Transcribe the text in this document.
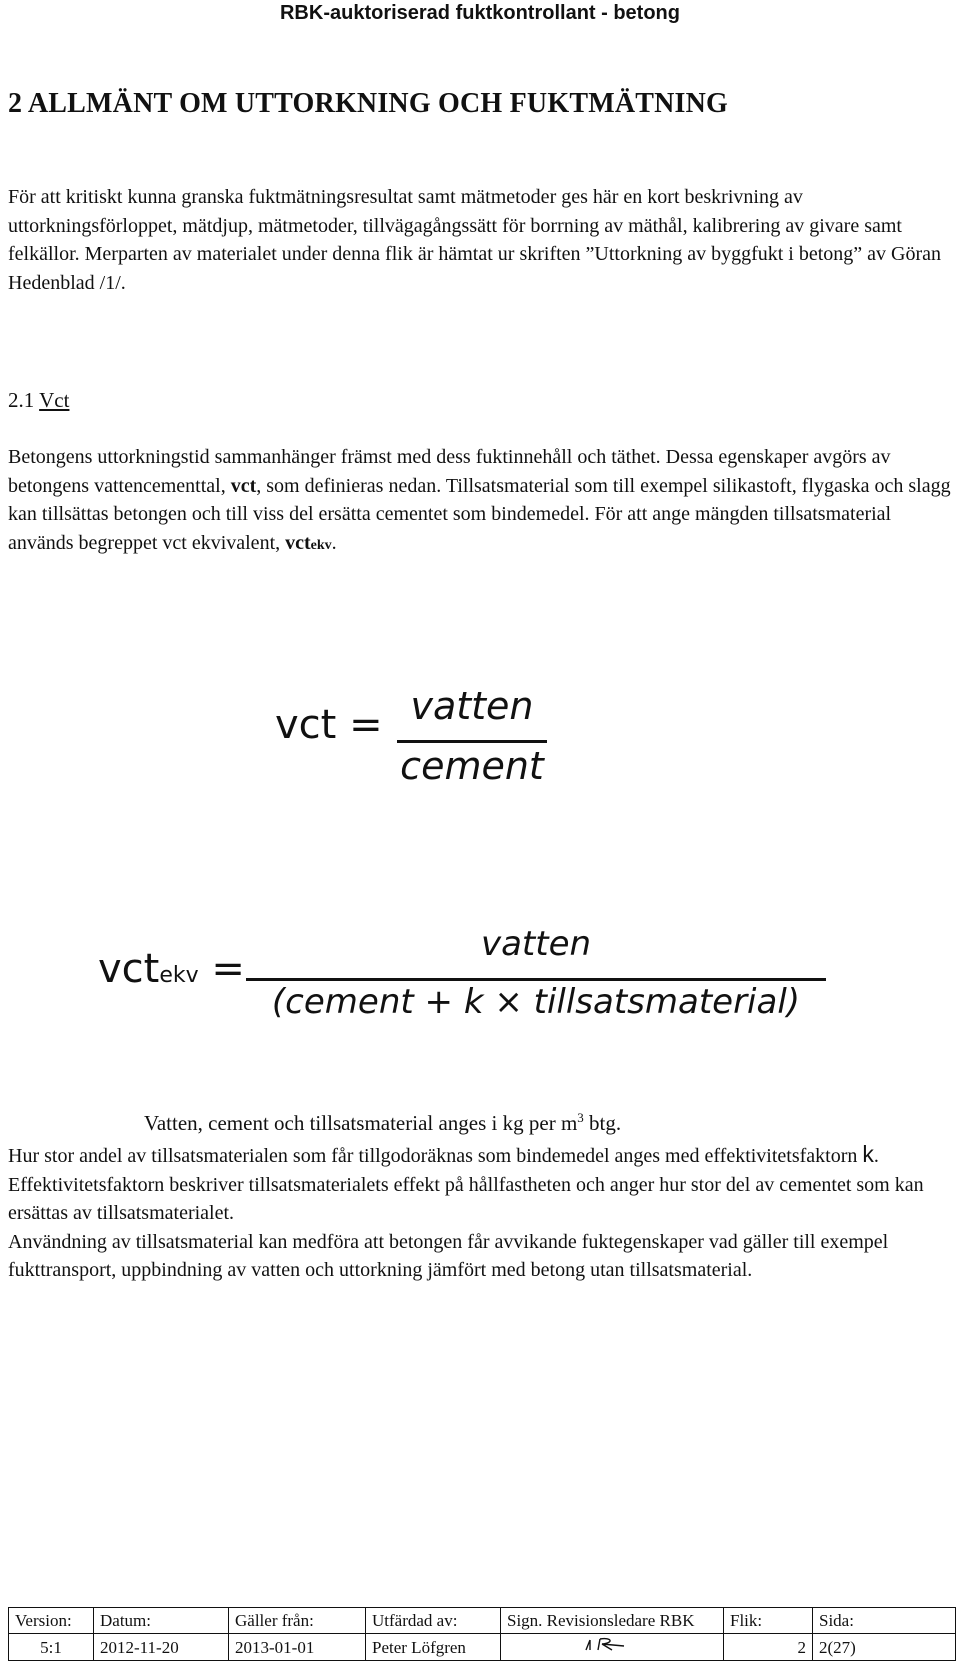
RBK-auktoriserad fuktkontrollant - betong
2 ALLMÄNT OM UTTORKNING OCH FUKTMÄTNING
För att kritiskt kunna granska fuktmätningsresultat samt mätmetoder ges här en kort beskrivning av uttorkningsförloppet, mätdjup, mätmetoder, tillvägagångssätt för borrning av mäthål, kalibrering av givare samt felkällor. Merparten av materialet under denna flik är hämtat ur skriften ”Uttorkning av byggfukt i betong” av Göran Hedenblad /1/.
2.1 Vct
Betongens uttorkningstid sammanhänger främst med dess fuktinnehåll och täthet. Dessa egenskaper avgörs av betongens vattencementtal, vct, som definieras nedan. Tillsatsmaterial som till exempel silikastoft, flygaska och slagg kan tillsättas betongen och till viss del ersätta cementet som bindemedel. För att ange mängden tillsatsmaterial används begreppet vct ekvivalent, vctekv.
vct = vatten
cement
vctekv =
vatten
(cement + k × tillsatsmaterial)
Vatten, cement och tillsatsmaterial anges i kg per $m^3$ btg.
Hur stor andel av tillsatsmaterialen som får tillgodoräknas som bindemedel anges med effektivitetsfaktorn k. Effektivitetsfaktorn beskriver tillsatsmaterialets effekt på hållfastheten och anger hur stor del av cementet som kan ersättas av tillsatsmaterialet.
Användning av tillsatsmaterial kan medföra att betongen får avvikande fuktegenskaper vad gäller till exempel fukttransport, uppbindning av vatten och uttorkning jämfört med betong utan tillsatsmaterial.
Version:	Datum:	Gäller från:	Utfärdad av:	Sign. Revisionsledare RBK	Flik:	Sida:
5:1	2012-11-20	2013-01-01	Peter Löfgren		2	2(27)
